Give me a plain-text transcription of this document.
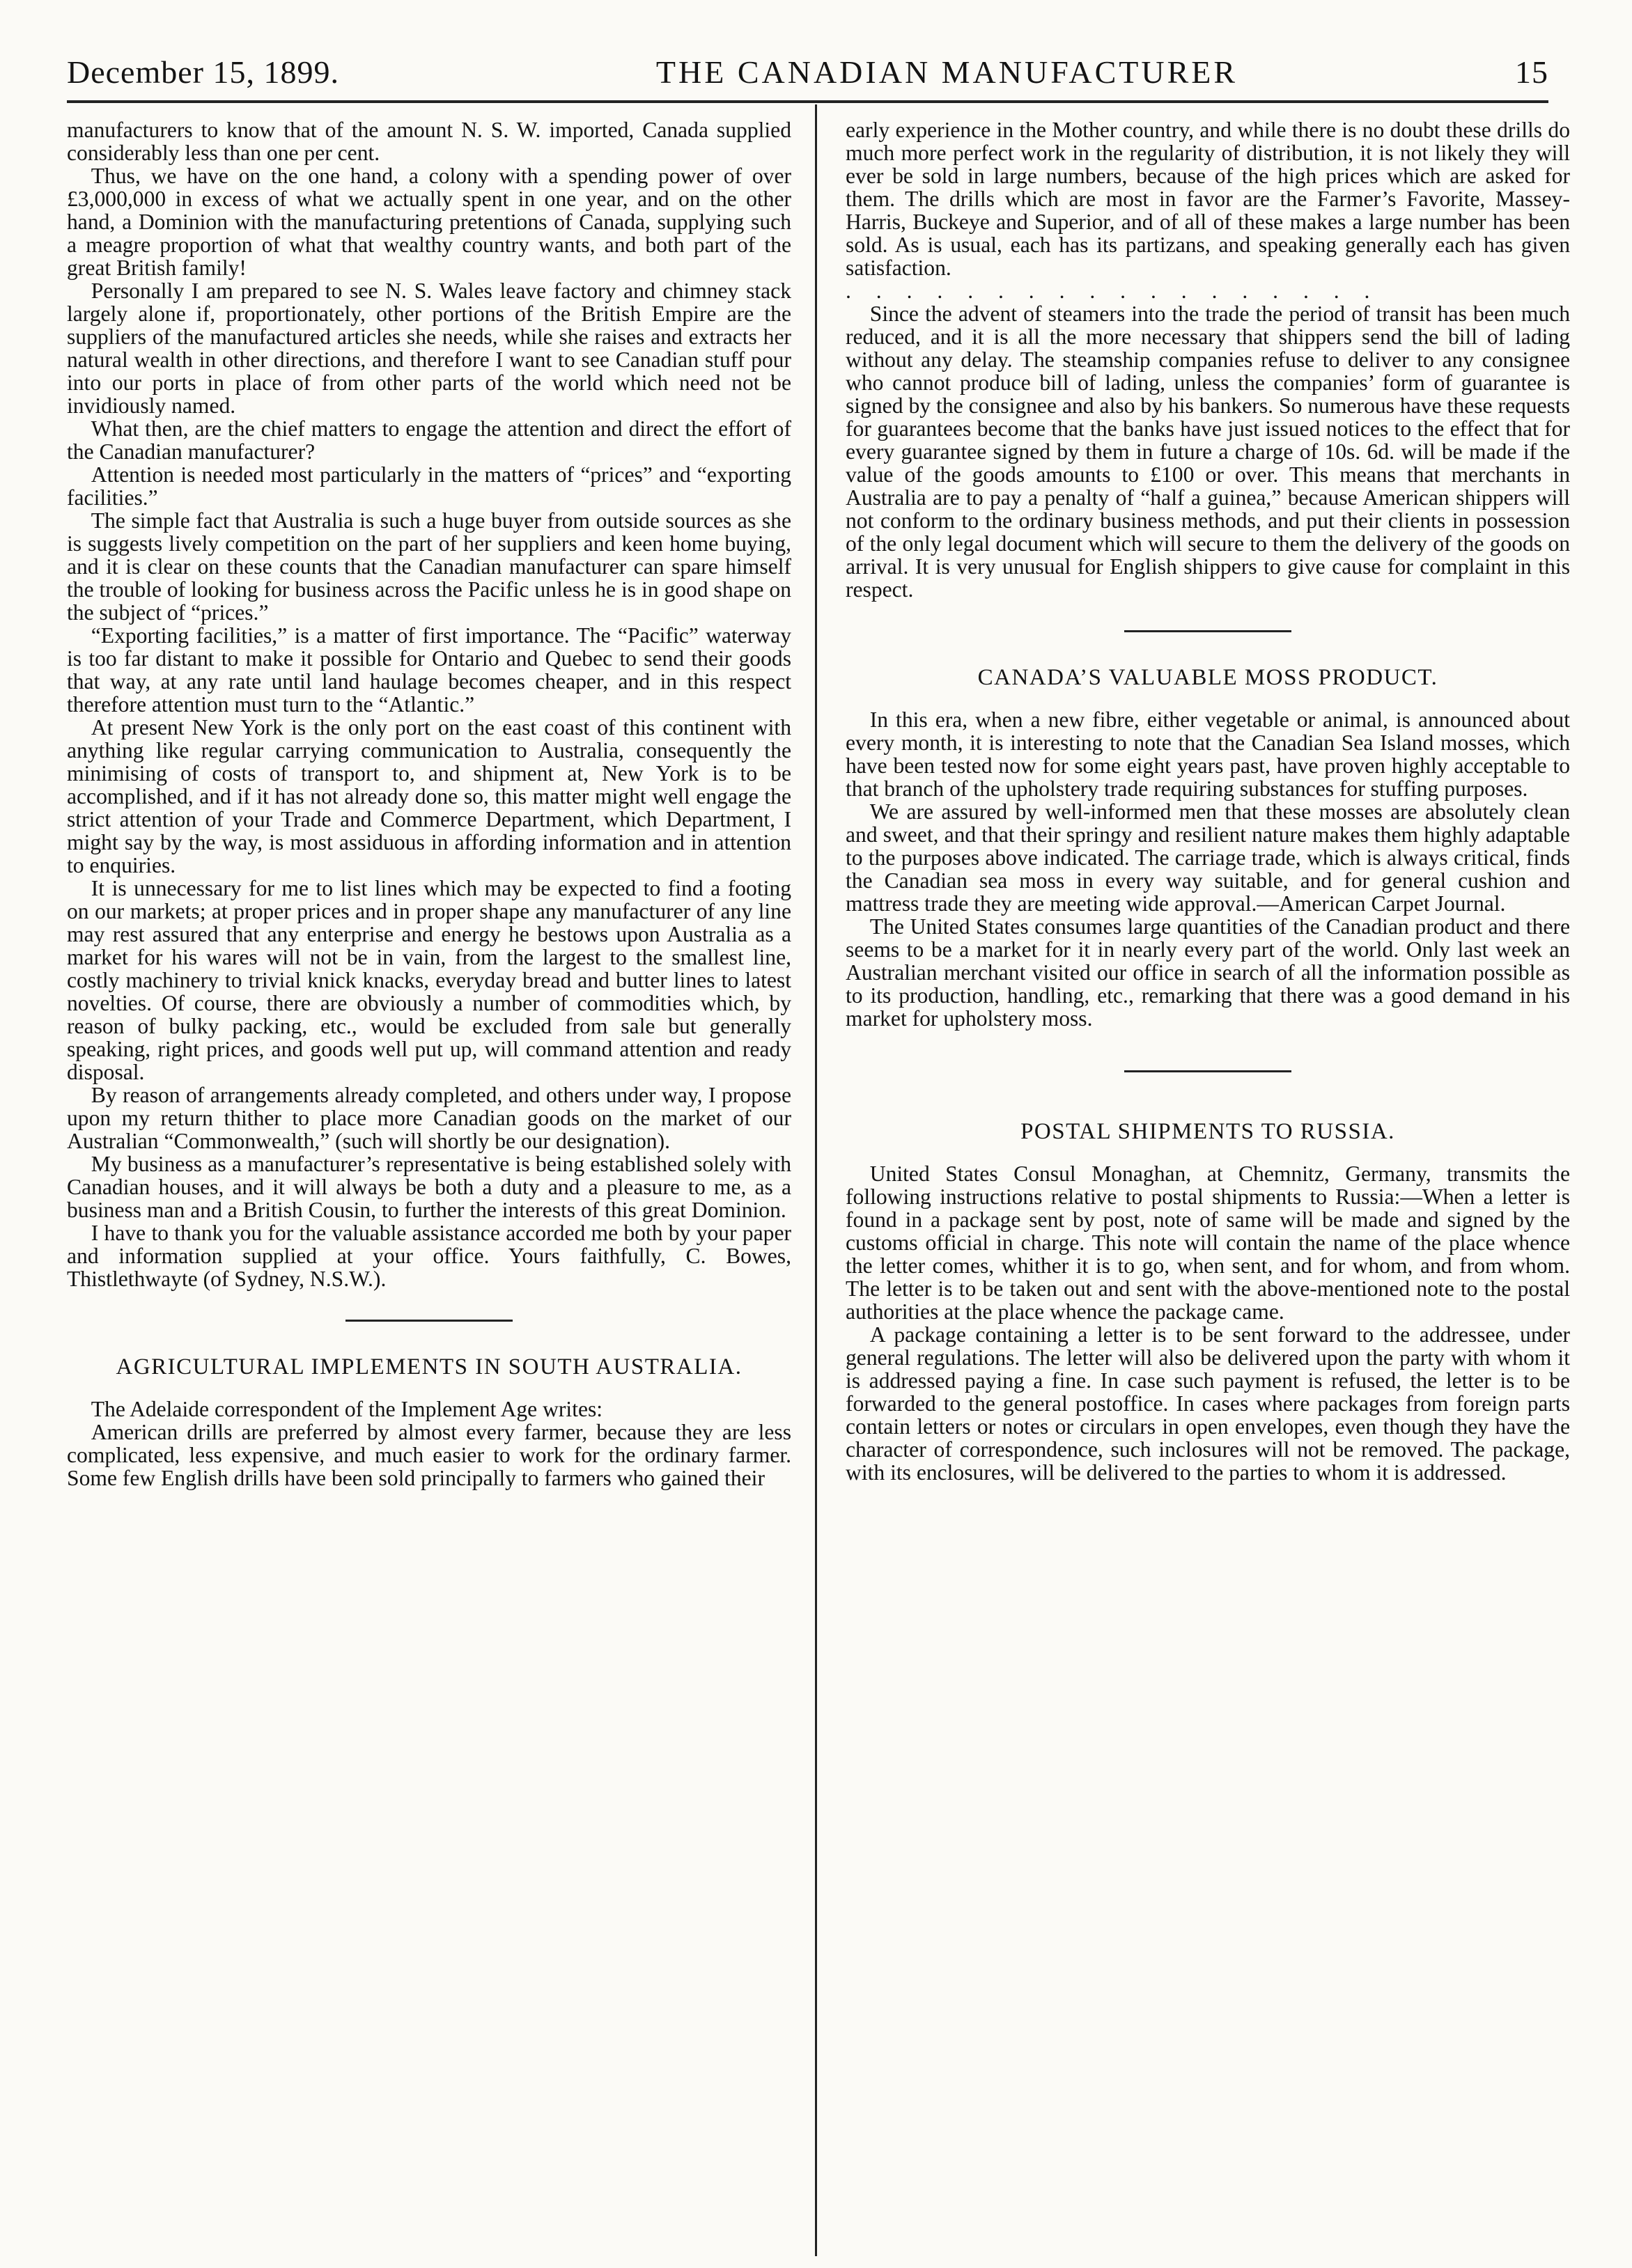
December 15, 1899.	THE CANADIAN MANUFACTURER	15

manufacturers to know that of the amount N. S. W. imported, Canada supplied considerably less than one per cent.

Thus, we have on the one hand, a colony with a spending power of over £3,000,000 in excess of what we actually spent in one year, and on the other hand, a Dominion with the manufacturing pretentions of Canada, supplying such a meagre proportion of what that wealthy country wants, and both part of the great British family!

Personally I am prepared to see N. S. Wales leave factory and chimney stack largely alone if, proportionately, other portions of the British Empire are the suppliers of the manufactured articles she needs, while she raises and extracts her natural wealth in other directions, and therefore I want to see Canadian stuff pour into our ports in place of from other parts of the world which need not be invidiously named.

What then, are the chief matters to engage the attention and direct the effort of the Canadian manufacturer?

Attention is needed most particularly in the matters of “prices” and “exporting facilities.”

The simple fact that Australia is such a huge buyer from outside sources as she is suggests lively competition on the part of her suppliers and keen home buying, and it is clear on these counts that the Canadian manufacturer can spare himself the trouble of looking for business across the Pacific unless he is in good shape on the subject of “prices.”

“Exporting facilities,” is a matter of first importance. The “Pacific” waterway is too far distant to make it possible for Ontario and Quebec to send their goods that way, at any rate until land haulage becomes cheaper, and in this respect therefore attention must turn to the “Atlantic.”

At present New York is the only port on the east coast of this continent with anything like regular carrying communication to Australia, consequently the minimising of costs of transport to, and shipment at, New York is to be accomplished, and if it has not already done so, this matter might well engage the strict attention of your Trade and Commerce Department, which Department, I might say by the way, is most assiduous in affording information and in attention to enquiries.

It is unnecessary for me to list lines which may be expected to find a footing on our markets; at proper prices and in proper shape any manufacturer of any line may rest assured that any enterprise and energy he bestows upon Australia as a market for his wares will not be in vain, from the largest to the smallest line, costly machinery to trivial knick knacks, everyday bread and butter lines to latest novelties. Of course, there are obviously a number of commodities which, by reason of bulky packing, etc., would be excluded from sale but generally speaking, right prices, and goods well put up, will command attention and ready disposal.

By reason of arrangements already completed, and others under way, I propose upon my return thither to place more Canadian goods on the market of our Australian “Commonwealth,” (such will shortly be our designation).

My business as a manufacturer’s representative is being established solely with Canadian houses, and it will always be both a duty and a pleasure to me, as a business man and a British Cousin, to further the interests of this great Dominion.

I have to thank you for the valuable assistance accorded me both by your paper and information supplied at your office. Yours faithfully, C. Bowes, Thistlethwayte (of Sydney, N.S.W.).

AGRICULTURAL IMPLEMENTS IN SOUTH AUSTRALIA.

The Adelaide correspondent of the Implement Age writes:

American drills are preferred by almost every farmer, because they are less complicated, less expensive, and much easier to work for the ordinary farmer. Some few English drills have been sold principally to farmers who gained their

early experience in the Mother country, and while there is no doubt these drills do much more perfect work in the regularity of distribution, it is not likely they will ever be sold in large numbers, because of the high prices which are asked for them. The drills which are most in favor are the Farmer’s Favorite, Massey-Harris, Buckeye and Superior, and of all of these makes a large number has been sold. As is usual, each has its partizans, and speaking generally each has given satisfaction.

. . . . . . . . . . . . . . . . . .

Since the advent of steamers into the trade the period of transit has been much reduced, and it is all the more necessary that shippers send the bill of lading without any delay. The steamship companies refuse to deliver to any consignee who cannot produce bill of lading, unless the companies’ form of guarantee is signed by the consignee and also by his bankers. So numerous have these requests for guarantees become that the banks have just issued notices to the effect that for every guarantee signed by them in future a charge of 10s. 6d. will be made if the value of the goods amounts to £100 or over. This means that merchants in Australia are to pay a penalty of “half a guinea,” because American shippers will not conform to the ordinary business methods, and put their clients in possession of the only legal document which will secure to them the delivery of the goods on arrival. It is very unusual for English shippers to give cause for complaint in this respect.

CANADA’S VALUABLE MOSS PRODUCT.

In this era, when a new fibre, either vegetable or animal, is announced about every month, it is interesting to note that the Canadian Sea Island mosses, which have been tested now for some eight years past, have proven highly acceptable to that branch of the upholstery trade requiring substances for stuffing purposes.

We are assured by well-informed men that these mosses are absolutely clean and sweet, and that their springy and resilient nature makes them highly adaptable to the purposes above indicated. The carriage trade, which is always critical, finds the Canadian sea moss in every way suitable, and for general cushion and mattress trade they are meeting wide approval.—American Carpet Journal.

The United States consumes large quantities of the Canadian product and there seems to be a market for it in nearly every part of the world. Only last week an Australian merchant visited our office in search of all the information possible as to its production, handling, etc., remarking that there was a good demand in his market for upholstery moss.

POSTAL SHIPMENTS TO RUSSIA.

United States Consul Monaghan, at Chemnitz, Germany, transmits the following instructions relative to postal shipments to Russia:—When a letter is found in a package sent by post, note of same will be made and signed by the customs official in charge. This note will contain the name of the place whence the letter comes, whither it is to go, when sent, and for whom, and from whom. The letter is to be taken out and sent with the above-mentioned note to the postal authorities at the place whence the package came.

A package containing a letter is to be sent forward to the addressee, under general regulations. The letter will also be delivered upon the party with whom it is addressed paying a fine. In case such payment is refused, the letter is to be forwarded to the general postoffice. In cases where packages from foreign parts contain letters or notes or circulars in open envelopes, even though they have the character of correspondence, such inclosures will not be removed. The package, with its enclosures, will be delivered to the parties to whom it is addressed.
